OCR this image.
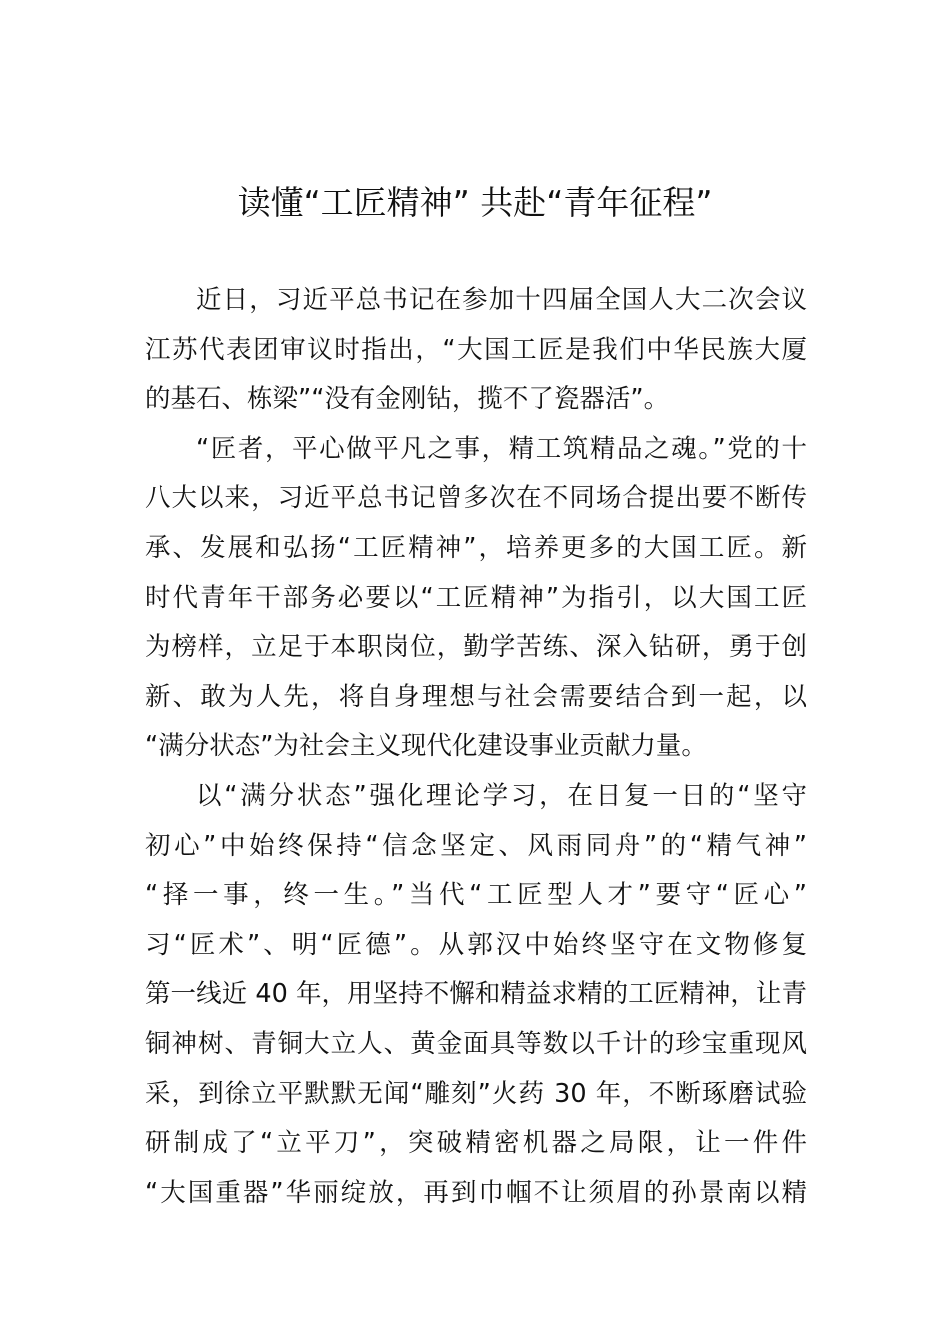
读懂“工匠精神” 共赴“青年征程”
近日，习近平总书记在参加十四届全国人大二次会议
江苏代表团审议时指出，“大国工匠是我们中华民族大厦
的基石、栋梁”“没有金刚钻，揽不了瓷器活”。
“匠者，平心做平凡之事，精工筑精品之魂。”党的十
八大以来，习近平总书记曾多次在不同场合提出要不断传
承、发展和弘扬“工匠精神”，培养更多的大国工匠。新
时代青年干部务必要以“工匠精神”为指引，以大国工匠
为榜样，立足于本职岗位，勤学苦练、深入钻研，勇于创
新、敢为人先，将自身理想与社会需要结合到一起，以
“满分状态”为社会主义现代化建设事业贡献力量。
以“满分状态”强化理论学习，在日复一日的“坚守
初心”中始终保持“信念坚定、风雨同舟”的“精气神”
“择一事，终一生。”当代“工匠型人才”要守“匠心”
习“匠术”、明“匠德”。从郭汉中始终坚守在文物修复
第一线近 40 年，用坚持不懈和精益求精的工匠精神，让青
铜神树、青铜大立人、黄金面具等数以千计的珍宝重现风
采，到徐立平默默无闻“雕刻”火药 30 年，不断琢磨试验
研制成了“立平刀”，突破精密机器之局限，让一件件
“大国重器”华丽绽放，再到巾帼不让须眉的孙景南以精
